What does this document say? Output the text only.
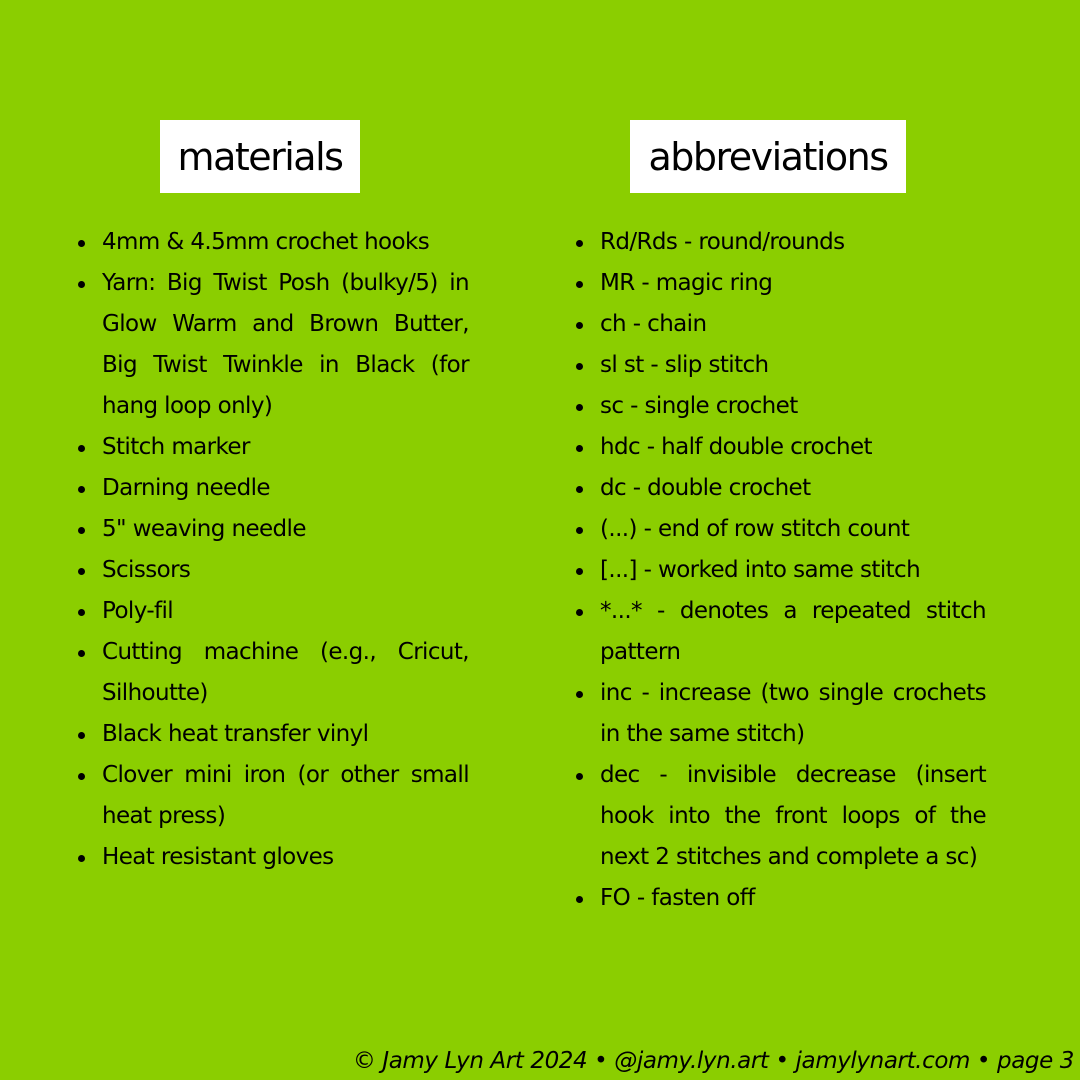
materials	abbreviations
4mm & 4.5mm crochet hooks
Yarn: Big Twist Posh (bulky/5) in Glow Warm and Brown Butter, Big Twist Twinkle in Black (for hang loop only)
Stitch marker
Darning needle
5" weaving needle
Scissors
Poly-fil
Cutting machine (e.g., Cricut, Silhoutte)
Black heat transfer vinyl
Clover mini iron (or other small heat press)
Heat resistant gloves
Rd/Rds - round/rounds
MR - magic ring
ch - chain
sl st - slip stitch
sc - single crochet
hdc - half double crochet
dc - double crochet
(...) - end of row stitch count
[...] - worked into same stitch
*...* - denotes a repeated stitch pattern
inc - increase (two single crochets in the same stitch)
dec - invisible decrease (insert hook into the front loops of the next 2 stitches and complete a sc)
FO - fasten off
© Jamy Lyn Art 2024 • @jamy.lyn.art • jamylynart.com • page 3
